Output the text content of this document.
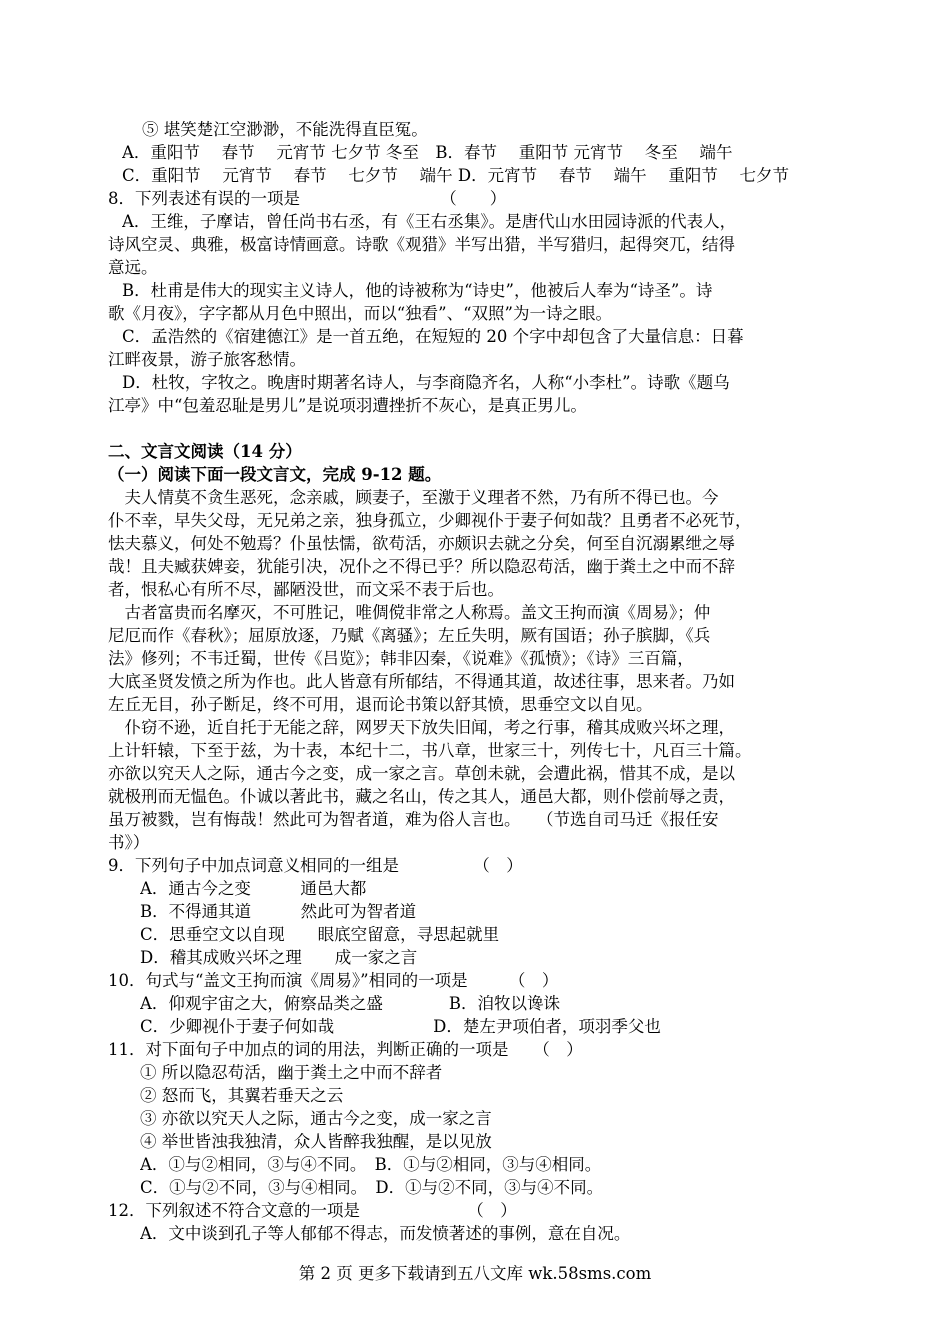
⑤ 堪笑楚江空渺渺，不能洗得直臣冤。
A．重阳节　 春节　 元宵节 七夕节 冬至　B．春节　 重阳节 元宵节　 冬至　 端午
C．重阳节　 元宵节　 春节　 七夕节　 端午 D．元宵节　 春节　 端午　 重阳节　 七夕节
8．下列表述有误的一项是　　　　　　　　　（　　）
A．王维，子摩诘，曾任尚书右丞，有《王右丞集》。是唐代山水田园诗派的代表人，
诗风空灵、典雅，极富诗情画意。诗歌《观猎》半写出猎，半写猎归，起得突兀，结得
意远。
B．杜甫是伟大的现实主义诗人，他的诗被称为“诗史”，他被后人奉为“诗圣”。诗
歌《月夜》，字字都从月色中照出，而以“独看”、“双照”为一诗之眼。
C．孟浩然的《宿建德江》是一首五绝，在短短的 20 个字中却包含了大量信息：日暮
江畔夜景，游子旅客愁情。
D．杜牧，字牧之。晚唐时期著名诗人，与李商隐齐名，人称“小李杜”。诗歌《题乌
江亭》中“包羞忍耻是男儿”是说项羽遭挫折不灰心，是真正男儿。
二、文言文阅读（14 分）
（一）阅读下面一段文言文，完成 9-12 题。
　夫人情莫不贪生恶死，念亲戚，顾妻子，至激于义理者不然，乃有所不得已也。今
仆不幸，早失父母，无兄弟之亲，独身孤立，少卿视仆于妻子何如哉？且勇者不必死节，
怯夫慕义，何处不勉焉？仆虽怯懦，欲苟活，亦颇识去就之分矣，何至自沉溺累绁之辱
哉！且夫臧获婢妾，犹能引决，况仆之不得已乎？所以隐忍苟活，幽于粪土之中而不辞
者，恨私心有所不尽，鄙陋没世，而文采不表于后也。
　古者富贵而名摩灭，不可胜记，唯倜傥非常之人称焉。盖文王拘而演《周易》；仲
尼厄而作《春秋》；屈原放逐，乃赋《离骚》；左丘失明，厥有国语；孙子膑脚，《兵
法》修列；不韦迁蜀，世传《吕览》；韩非囚秦，《说难》《孤愤》；《诗》三百篇，
大底圣贤发愤之所为作也。此人皆意有所郁结，不得通其道，故述往事，思来者。乃如
左丘无目，孙子断足，终不可用，退而论书策以舒其愤，思垂空文以自见。
　仆窃不逊，近自托于无能之辞，网罗天下放失旧闻，考之行事，稽其成败兴坏之理，
上计轩辕，下至于兹，为十表，本纪十二，书八章，世家三十，列传七十，凡百三十篇。
亦欲以究天人之际，通古今之变，成一家之言。草创未就，会遭此祸，惜其不成，是以
就极刑而无愠色。仆诚以著此书，藏之名山，传之其人，通邑大都，则仆偿前辱之责，
虽万被戮，岂有悔哉！然此可为智者道，难为俗人言也。　　（节选自司马迁《报任安
书》）
9．下列句子中加点词意义相同的一组是　　　　　（　）
A．通古今之变　　　通邑大都
B．不得通其道　　　然此可为智者道
C．思垂空文以自现　　眼底空留意，寻思起就里
D．稽其成败兴坏之理　　成一家之言
10．句式与“盖文王拘而演《周易》”相同的一项是　　　（　）
A．仰观宇宙之大，俯察品类之盛　　　　B．洎牧以谗诛
C．少卿视仆于妻子何如哉　　　　　　D．楚左尹项伯者，项羽季父也
11．对下面句子中加点的词的用法，判断正确的一项是　　（　）
① 所以隐忍苟活，幽于粪土之中而不辞者
② 怒而飞，其翼若垂天之云
③ 亦欲以究天人之际，通古今之变，成一家之言
④ 举世皆浊我独清，众人皆醉我独醒，是以见放
A．①与②相同，③与④不同。　B．①与②相同，③与④相同。
C．①与②不同，③与④相同。　D．①与②不同，③与④不同。
12．下列叙述不符合文意的一项是　　　　　　　（　）
A．文中谈到孔子等人郁郁不得志，而发愤著述的事例，意在自况。
第 2 页 更多下载请到五八文库 wk.58sms.com
